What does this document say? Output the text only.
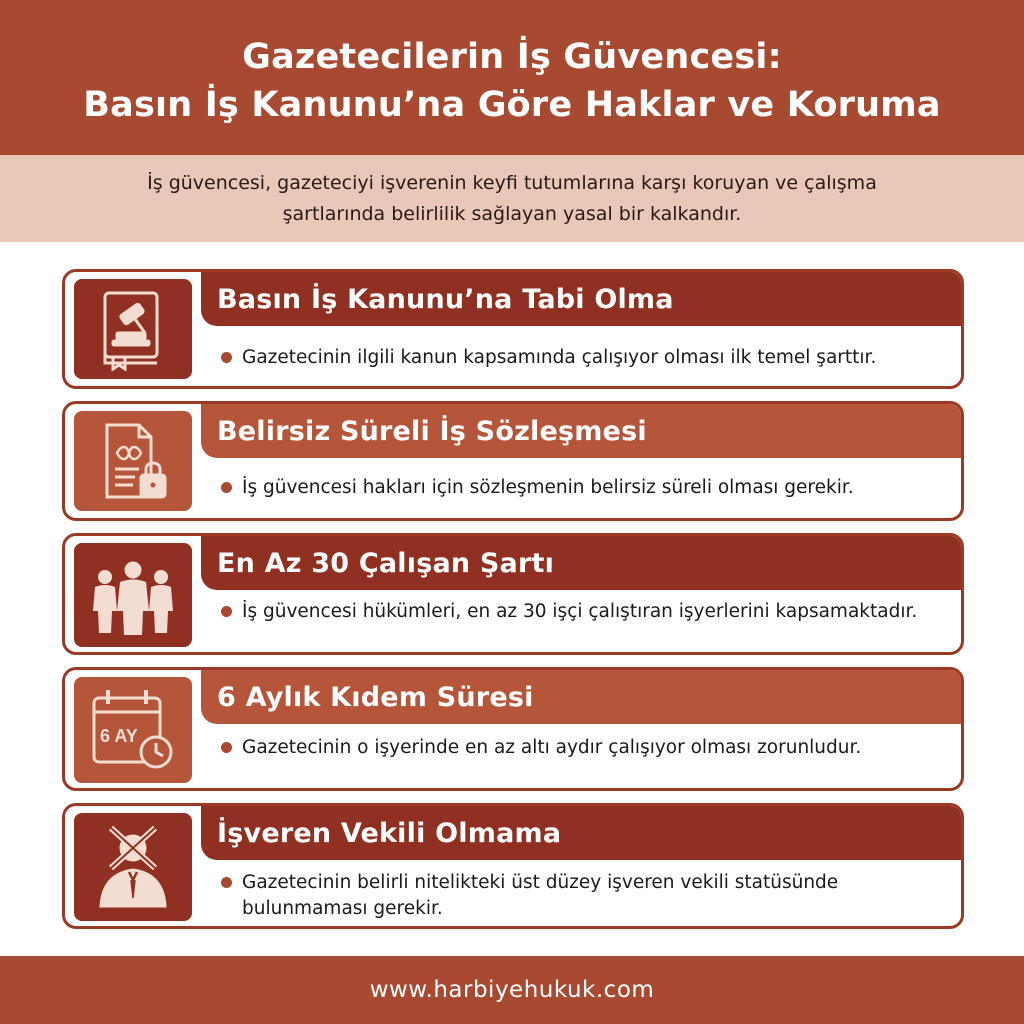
Gazetecilerin İş Güvencesi:
Basın İş Kanunu’na Göre Haklar ve Koruma

İş güvencesi, gazeteciyi işverenin keyfi tutumlarına karşı koruyan ve çalışma şartlarında belirlilik sağlayan yasal bir kalkandır.

Basın İş Kanunu’na Tabi Olma
Gazetecinin ilgili kanun kapsamında çalışıyor olması ilk temel şarttır.
Belirsiz Süreli İş Sözleşmesi
İş güvencesi hakları için sözleşmenin belirsiz süreli olması gerekir.
En Az 30 Çalışan Şartı
İş güvencesi hükümleri, en az 30 işçi çalıştıran işyerlerini kapsamaktadır.
6 AY
6 Aylık Kıdem Süresi
Gazetecinin o işyerinde en az altı aydır çalışıyor olması zorunludur.
İşveren Vekili Olmama
Gazetecinin belirli nitelikteki üst düzey işveren vekili statüsünde bulunmaması gerekir.
www.harbiyehukuk.com
